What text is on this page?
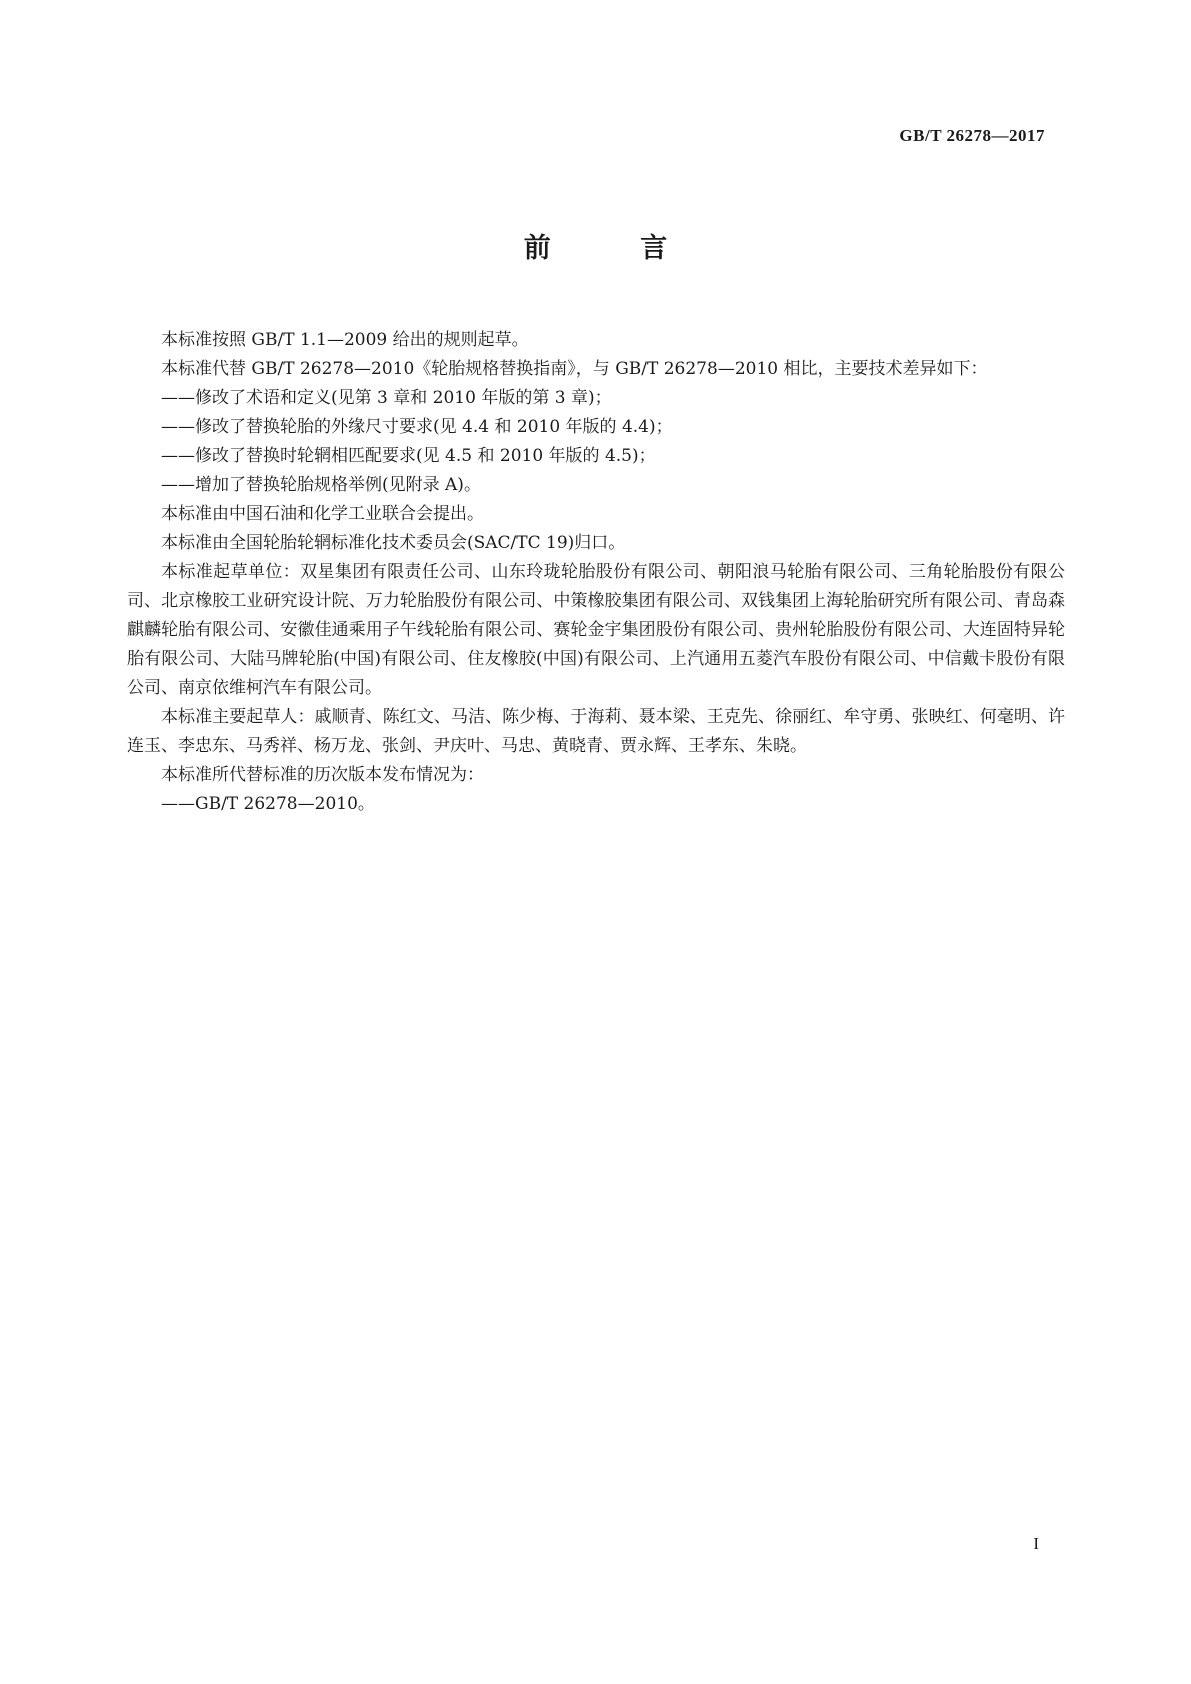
GB/T 26278—2017
前 言

本标准按照 GB/T 1.1—2009 给出的规则起草。

本标准代替 GB/T 26278—2010《轮胎规格替换指南》，与 GB/T 26278—2010 相比，主要技术差异如下：

——修改了术语和定义(见第 3 章和 2010 年版的第 3 章)；

——修改了替换轮胎的外缘尺寸要求(见 4.4 和 2010 年版的 4.4)；

——修改了替换时轮辋相匹配要求(见 4.5 和 2010 年版的 4.5)；

——增加了替换轮胎规格举例(见附录 A)。

本标准由中国石油和化学工业联合会提出。

本标准由全国轮胎轮辋标准化技术委员会(SAC/TC 19)归口。

本标准起草单位：双星集团有限责任公司、山东玲珑轮胎股份有限公司、朝阳浪马轮胎有限公司、三角轮胎股份有限公司、北京橡胶工业研究设计院、万力轮胎股份有限公司、中策橡胶集团有限公司、双钱集团上海轮胎研究所有限公司、青岛森麒麟轮胎有限公司、安徽佳通乘用子午线轮胎有限公司、赛轮金宇集团股份有限公司、贵州轮胎股份有限公司、大连固特异轮胎有限公司、大陆马牌轮胎(中国)有限公司、住友橡胶(中国)有限公司、上汽通用五菱汽车股份有限公司、中信戴卡股份有限公司、南京依维柯汽车有限公司。

本标准主要起草人：戚顺青、陈红文、马洁、陈少梅、于海莉、聂本梁、王克先、徐丽红、牟守勇、张映红、何毫明、许连玉、李忠东、马秀祥、杨万龙、张剑、尹庆叶、马忠、黄晓青、贾永辉、王孝东、朱晓。

本标准所代替标准的历次版本发布情况为：

——GB/T 26278—2010。

I
